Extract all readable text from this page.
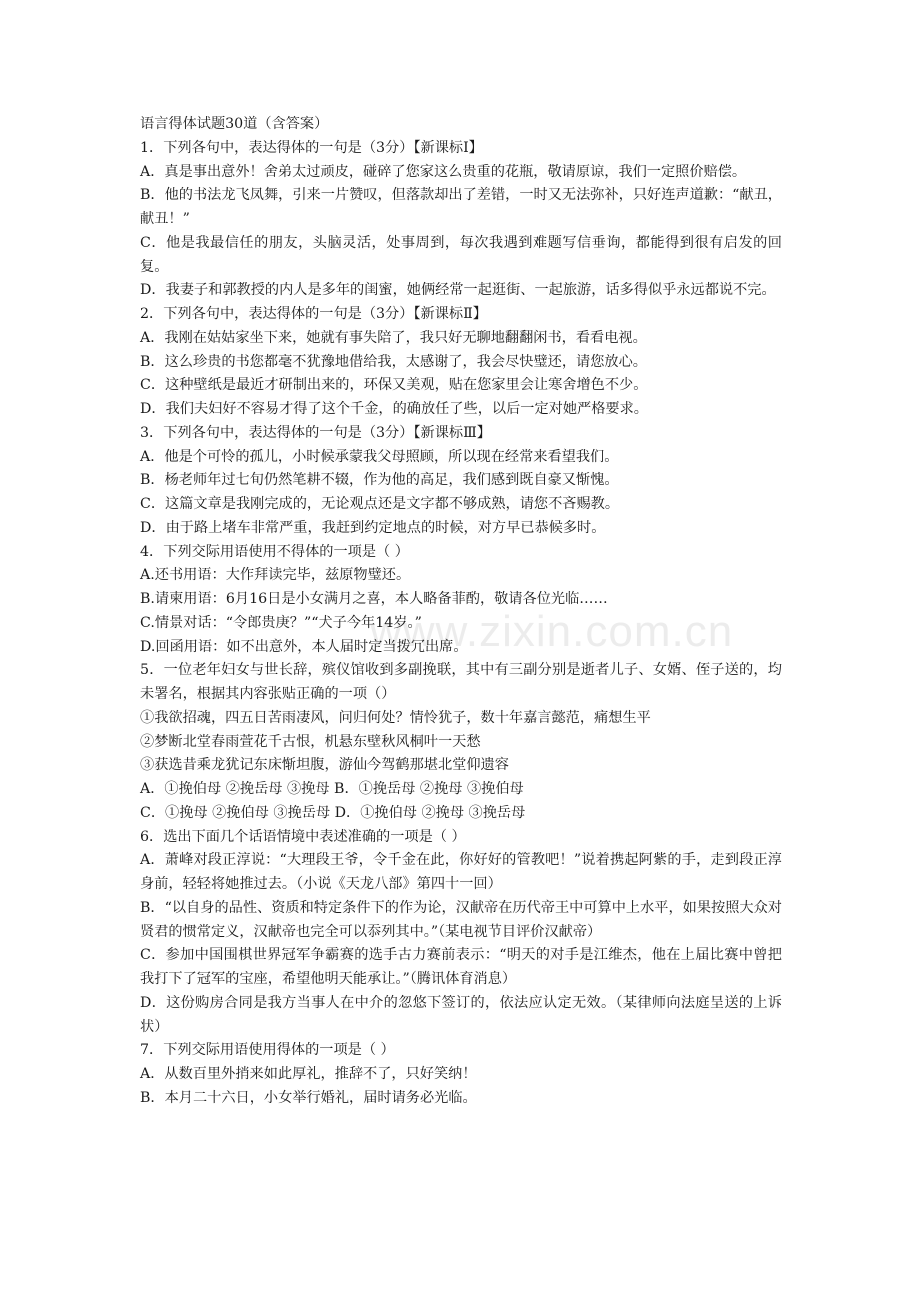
www.zixin.com.cn

语言得体试题30道（含答案）

1．下列各句中，表达得体的一句是（3分）【新课标Ⅰ】

A．真是事出意外！舍弟太过顽皮，碰碎了您家这么贵重的花瓶，敬请原谅，我们一定照价赔偿。

B．他的书法龙飞凤舞，引来一片赞叹，但落款却出了差错，一时又无法弥补，只好连声道歉：“献丑，献丑！”

C．他是我最信任的朋友，头脑灵活，处事周到，每次我遇到难题写信垂询，都能得到很有启发的回复。

D．我妻子和郭教授的内人是多年的闺蜜，她俩经常一起逛街、一起旅游，话多得似乎永远都说不完。

2．下列各句中，表达得体的一句是（3分）【新课标Ⅱ】

A．我刚在姑姑家坐下来，她就有事失陪了，我只好无聊地翻翻闲书，看看电视。

B．这么珍贵的书您都毫不犹豫地借给我，太感谢了，我会尽快璧还，请您放心。

C．这种壁纸是最近才研制出来的，环保又美观，贴在您家里会让寒舍增色不少。

D．我们夫妇好不容易才得了这个千金，的确放任了些，以后一定对她严格要求。

3．下列各句中，表达得体的一句是（3分）【新课标Ⅲ】

A．他是个可怜的孤儿，小时候承蒙我父母照顾，所以现在经常来看望我们。

B．杨老师年过七旬仍然笔耕不辍，作为他的高足，我们感到既自豪又惭愧。

C．这篇文章是我刚完成的，无论观点还是文字都不够成熟，请您不吝赐教。

D．由于路上堵车非常严重，我赶到约定地点的时候，对方早已恭候多时。

4．下列交际用语使用不得体的一项是（ ）

A.还书用语：大作拜读完毕，兹原物璧还。

B.请柬用语：6月16日是小女满月之喜，本人略备菲酌，敬请各位光临……

C.情景对话：“令郎贵庚？”“犬子今年14岁。”

D.回函用语：如不出意外，本人届时定当拨冗出席。

5．一位老年妇女与世长辞，殡仪馆收到多副挽联，其中有三副分别是逝者儿子、女婿、侄子送的，均未署名，根据其内容张贴正确的一项（）

①我欲招魂，四五日苦雨凄风，问归何处？情怜犹子，数十年嘉言懿范，痛想生平

②梦断北堂春雨萱花千古恨，机悬东壁秋风桐叶一天愁

③获选昔乘龙犹记东床惭坦腹，游仙今驾鹤那堪北堂仰遗容

A．①挽伯母 ②挽岳母 ③挽母 B．①挽岳母 ②挽母 ③挽伯母

C．①挽母 ②挽伯母 ③挽岳母 D．①挽伯母 ②挽母 ③挽岳母

6．选出下面几个话语情境中表述准确的一项是（ ）

A．萧峰对段正淳说：“大理段王爷，令千金在此，你好好的管教吧！”说着携起阿紫的手，走到段正淳身前，轻轻将她推过去。（小说《天龙八部》第四十一回）

B．“以自身的品性、资质和特定条件下的作为论，汉献帝在历代帝王中可算中上水平，如果按照大众对贤君的惯常定义，汉献帝也完全可以忝列其中。”（某电视节目评价汉献帝）

C．参加中国围棋世界冠军争霸赛的选手古力赛前表示：“明天的对手是江维杰，他在上届比赛中曾把我打下了冠军的宝座，希望他明天能承让。”（腾讯体育消息）

D．这份购房合同是我方当事人在中介的忽悠下签订的，依法应认定无效。（某律师向法庭呈送的上诉状）

7．下列交际用语使用得体的一项是（ ）

A．从数百里外捎来如此厚礼，推辞不了，只好笑纳！

B．本月二十六日，小女举行婚礼，届时请务必光临。
